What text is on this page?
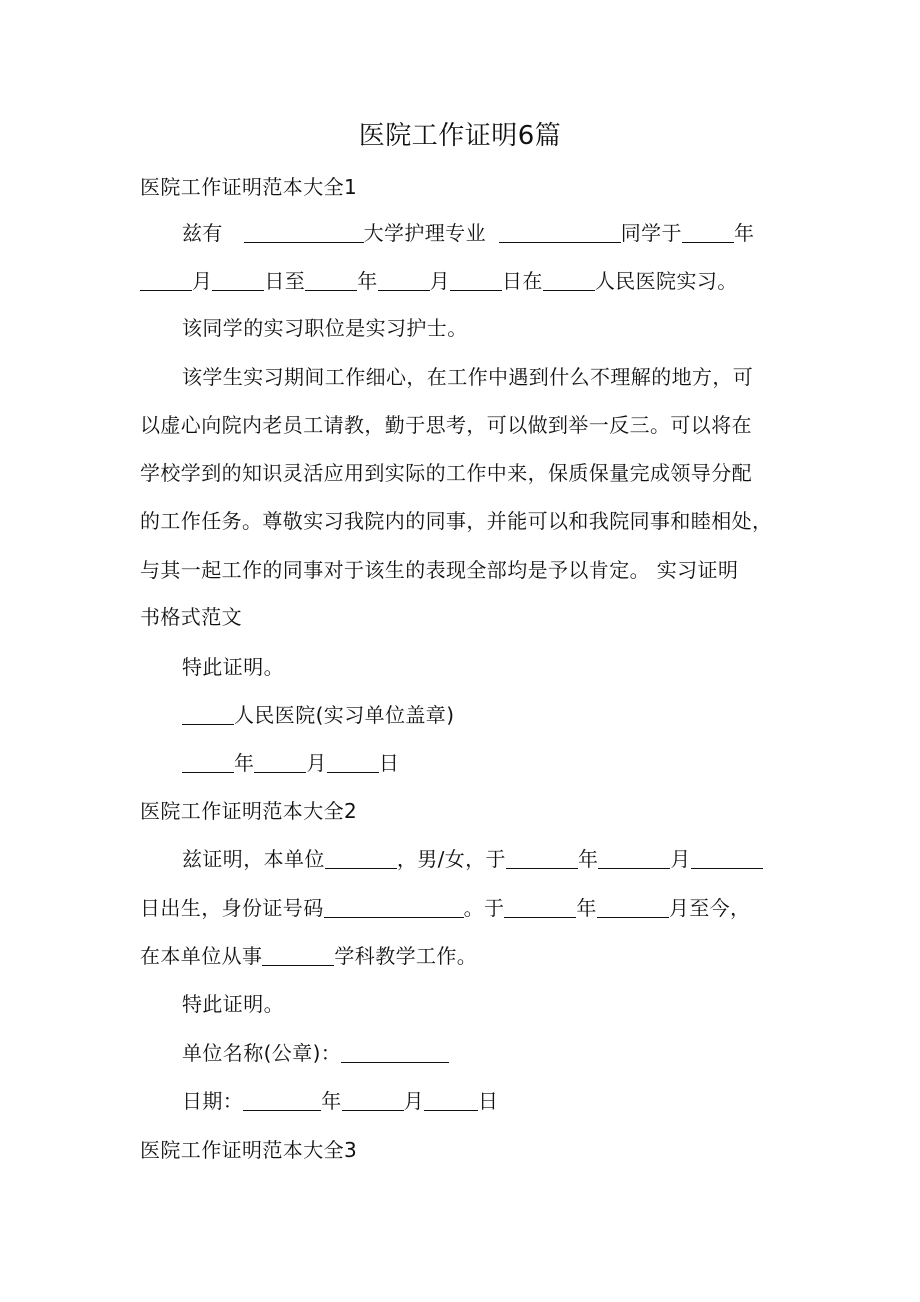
医院工作证明6篇
医院工作证明范本大全1
兹有	大学护理专业	同学于	年
月	日至	年	月	日在	人民医院实习。
该同学的实习职位是实习护士。
该学生实习期间工作细心，在工作中遇到什么不理解的地方，可
以虚心向院内老员工请教，勤于思考，可以做到举一反三。可以将在
学校学到的知识灵活应用到实际的工作中来，保质保量完成领导分配
的工作任务。尊敬实习我院内的同事，并能可以和我院同事和睦相处，
与其一起工作的同事对于该生的表现全部均是予以肯定。 实习证明
书格式范文
特此证明。
人民医院(实习单位盖章)
年	月	日
医院工作证明范本大全2
兹证明，本单位	，男/女，于	年	月
日出生，身份证号码	。于	年	月至今，
在本单位从事	学科教学工作。
特此证明。
单位名称(公章)：
日期：	年	月	日
医院工作证明范本大全3
